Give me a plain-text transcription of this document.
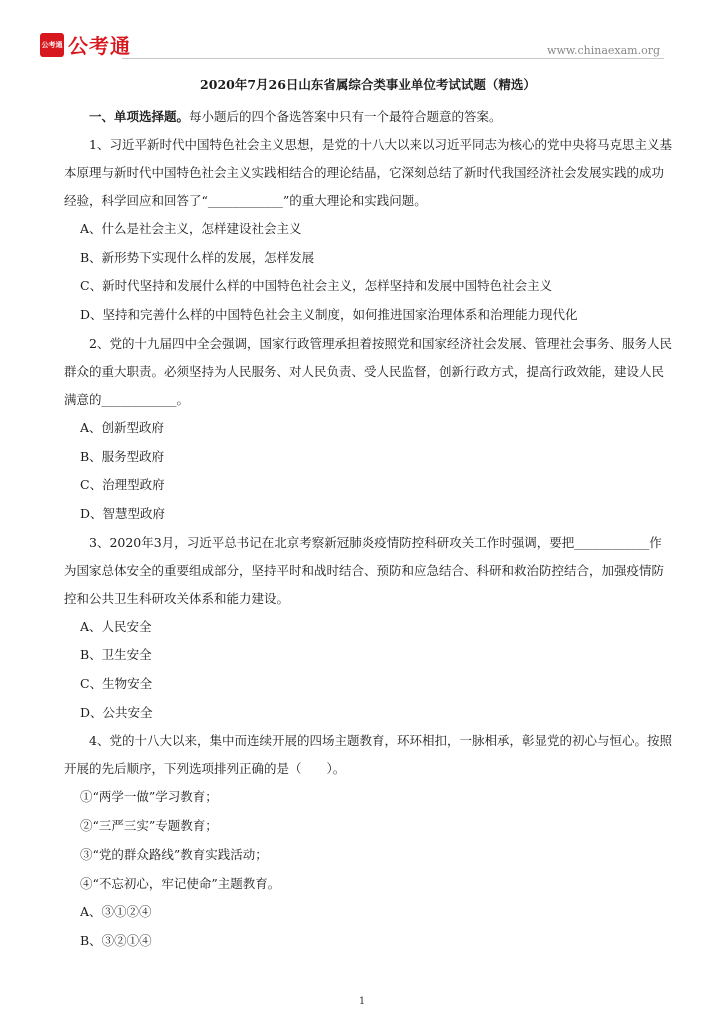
公考通 公考通	www.chinaexam.org
2020年7月26日山东省属综合类事业单位考试试题（精选）

一、单项选择题。每小题后的四个备选答案中只有一个最符合题意的答案。

1、习近平新时代中国特色社会主义思想，是党的十八大以来以习近平同志为核心的党中央将马克思主义基本原理与新时代中国特色社会主义实践相结合的理论结晶，它深刻总结了新时代我国经济社会发展实践的成功经验，科学回应和回答了“____________”的重大理论和实践问题。

A、什么是社会主义，怎样建设社会主义
B、新形势下实现什么样的发展，怎样发展
C、新时代坚持和发展什么样的中国特色社会主义，怎样坚持和发展中国特色社会主义
D、坚持和完善什么样的中国特色社会主义制度，如何推进国家治理体系和治理能力现代化

2、党的十九届四中全会强调，国家行政管理承担着按照党和国家经济社会发展、管理社会事务、服务人民群众的重大职责。必须坚持为人民服务、对人民负责、受人民监督，创新行政方式，提高行政效能，建设人民满意的____________。

A、创新型政府
B、服务型政府
C、治理型政府
D、智慧型政府

3、2020年3月，习近平总书记在北京考察新冠肺炎疫情防控科研攻关工作时强调，要把____________作为国家总体安全的重要组成部分，坚持平时和战时结合、预防和应急结合、科研和救治防控结合，加强疫情防控和公共卫生科研攻关体系和能力建设。

A、人民安全
B、卫生安全
C、生物安全
D、公共安全

4、党的十八大以来，集中而连续开展的四场主题教育，环环相扣，一脉相承，彰显党的初心与恒心。按照开展的先后顺序，下列选项排列正确的是（　　）。

①“两学一做”学习教育；
②“三严三实”专题教育；
③“党的群众路线”教育实践活动；
④“不忘初心，牢记使命”主题教育。
A、③①②④
B、③②①④
1
